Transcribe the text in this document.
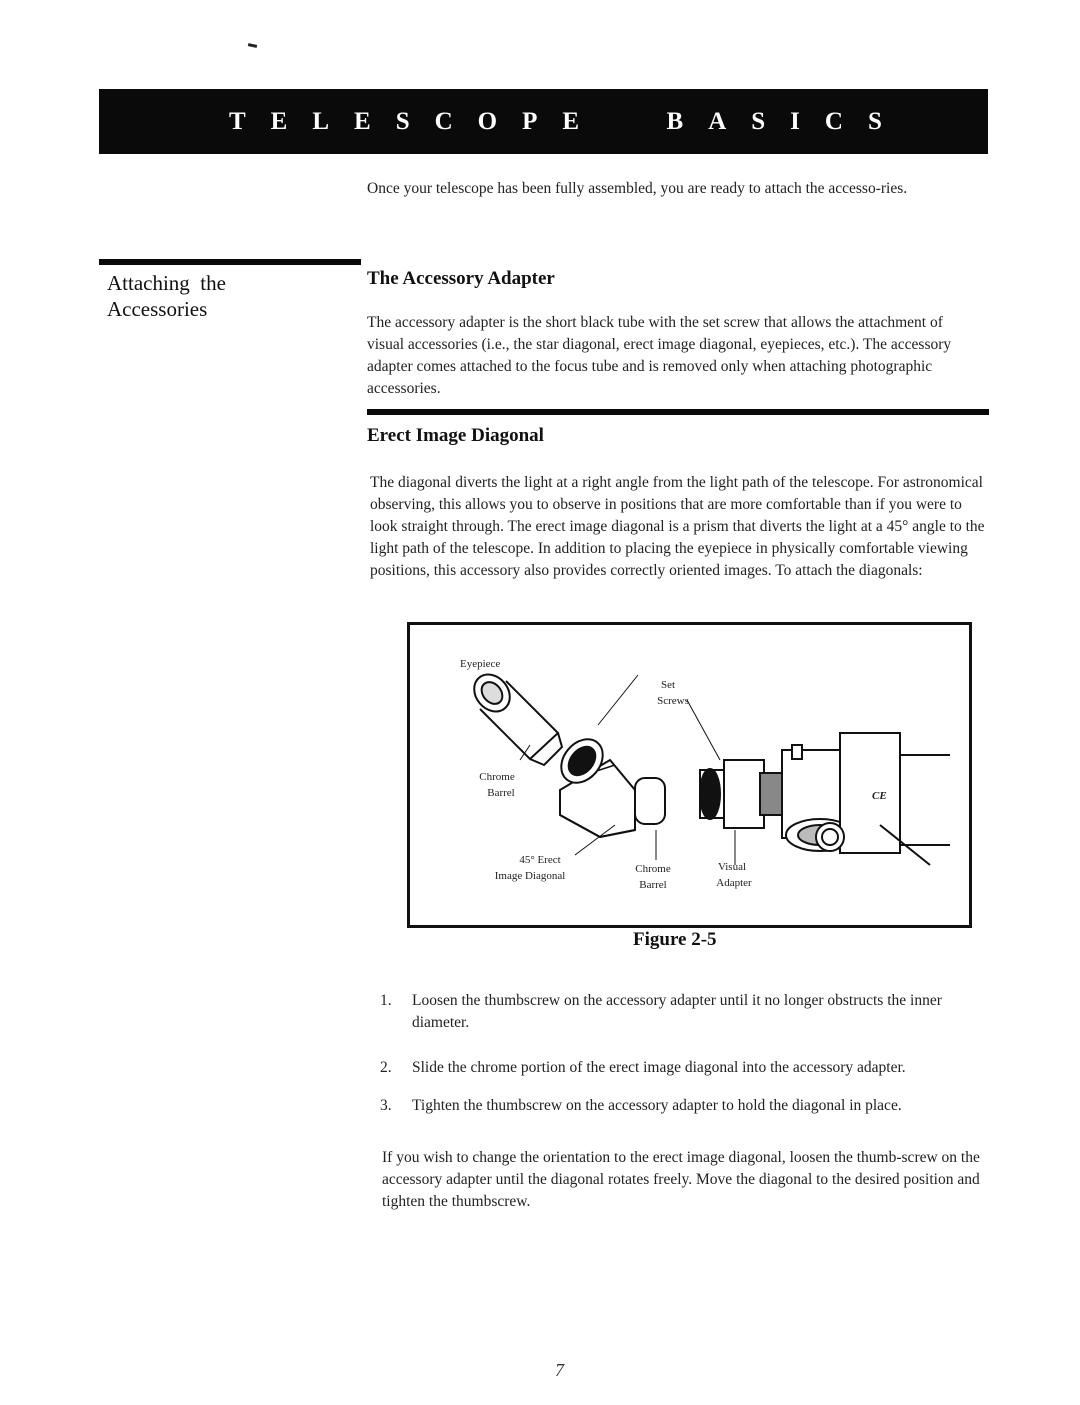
TELESCOPE  BASICS

Once your telescope has been fully assembled, you are ready to attach the accesso-ries.

Attaching  the
Accessories
The Accessory Adapter

The accessory adapter is the short black tube with the set screw that allows the attachment of visual accessories (i.e., the star diagonal, erect image diagonal, eyepieces, etc.). The accessory adapter comes attached to the focus tube and is removed only when attaching photographic accessories.

Erect Image Diagonal

The diagonal diverts the light at a right angle from the light path of the telescope. For astronomical observing, this allows you to observe in positions that are more comfortable than if you were to look straight through. The erect image diagonal is a prism that diverts the light at a 45° angle to the light path of the telescope. In addition to placing the eyepiece in physically comfortable viewing positions, this accessory also provides correctly oriented images. To attach the diagonals:

Eyepiece
Set
Screws
Chrome
Barrel
45° Erect
Image Diagonal
Chrome
Barrel
Visual
Adapter
CE
Figure 2-5
1.	Loosen the thumbscrew on the accessory adapter until it no longer obstructs the inner diameter.
2.	Slide the chrome portion of the erect image diagonal into the accessory adapter.
3.	Tighten the thumbscrew on the accessory adapter to hold the diagonal in place.

If you wish to change the orientation to the erect image diagonal, loosen the thumb-screw on the accessory adapter until the diagonal rotates freely. Move the diagonal to the desired position and tighten the thumbscrew.

7
